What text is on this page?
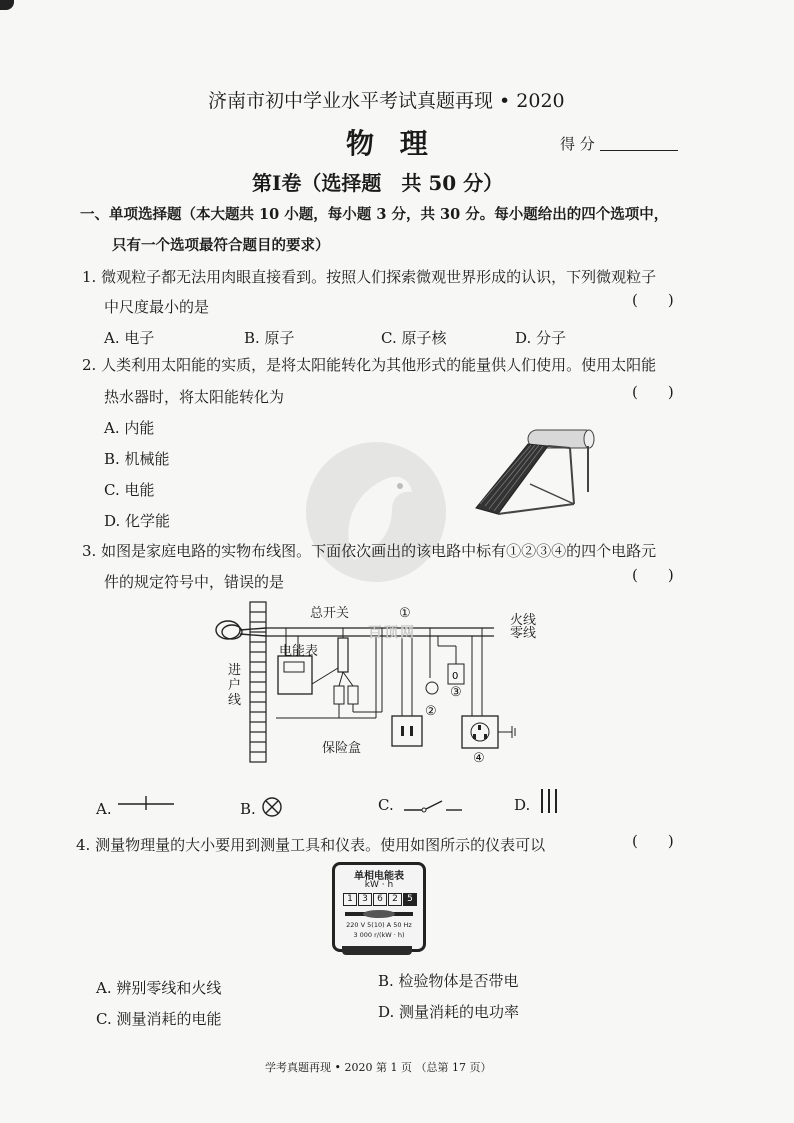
济南市初中学业水平考试真题再现 • 2020
物 理	得 分
第Ⅰ卷（选择题　共 50 分）
一、单项选择题（本大题共 10 小题，每小题 3 分，共 30 分。每小题给出的四个选项中，
只有一个选项最符合题目的要求）
1. 微观粒子都无法用肉眼直接看到。按照人们探索微观世界形成的认识，下列微观粒子
中尺度最小的是	(　　)
A. 电子	B. 原子	C. 原子核	D. 分子
2. 人类利用太阳能的实质，是将太阳能转化为其他形式的能量供人们使用。使用太阳能
热水器时，将太阳能转化为	(　　)
A. 内能
B. 机械能
C. 电能
D. 化学能
3. 如图是家庭电路的实物布线图。下面依次画出的该电路中标有①②③④的四个电路元
件的规定符号中，错误的是	(　　)
0
总开关	火线
零线
电能表
进
户
线
保险盒
①
②
③
④
百顶网
A.	B.	C.	D.
4. 测量物理量的大小要用到测量工具和仪表。使用如图所示的仪表可以	(　　)
单相电能表
kW · h
1	3	6	2	5
220 V 5(10) A 50 Hz
3 000 r/(kW · h)
A. 辨别零线和火线	B. 检验物体是否带电
C. 测量消耗的电能	D. 测量消耗的电功率
学考真题再现 • 2020 第 1 页 （总第 17 页）
